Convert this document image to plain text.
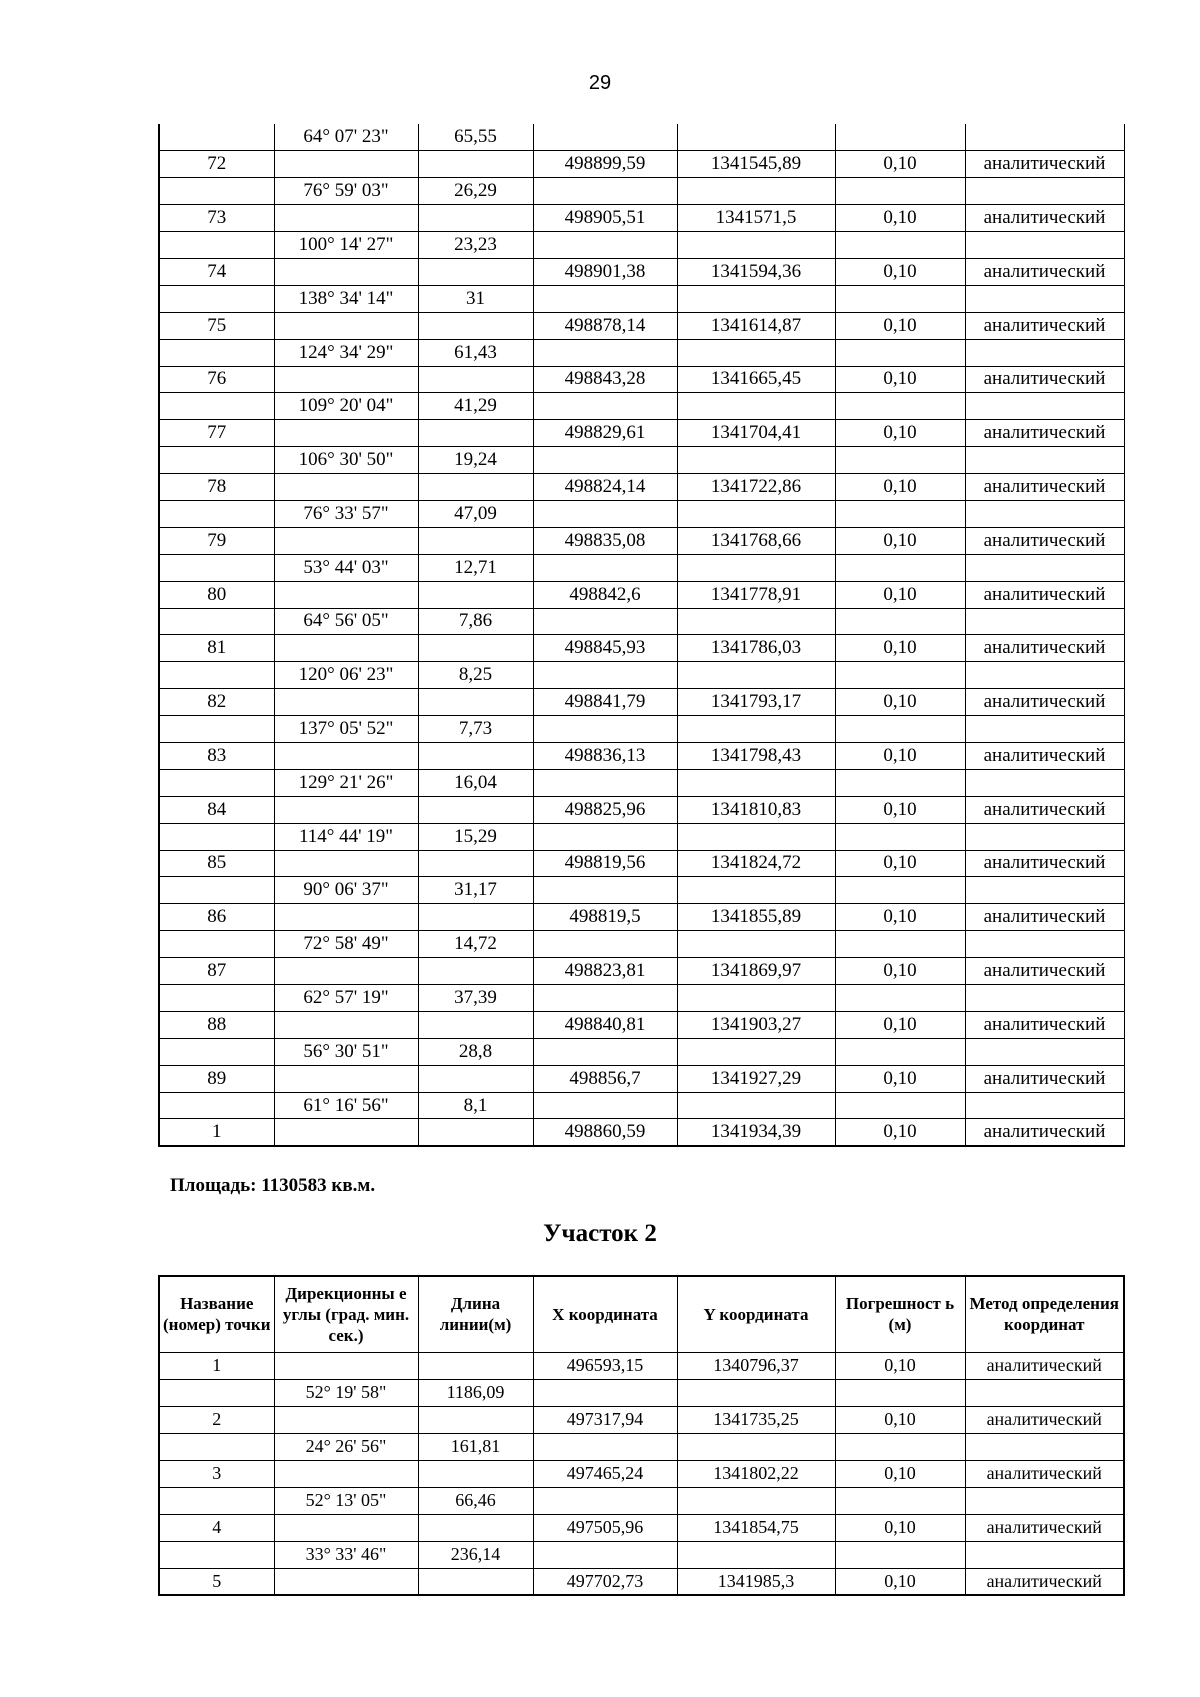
29
	64° 07' 23"	65,55				
72			498899,59	1341545,89	0,10	аналитический
	76° 59' 03"	26,29				
73			498905,51	1341571,5	0,10	аналитический
	100° 14' 27"	23,23				
74			498901,38	1341594,36	0,10	аналитический
	138° 34' 14"	31				
75			498878,14	1341614,87	0,10	аналитический
	124° 34' 29"	61,43				
76			498843,28	1341665,45	0,10	аналитический
	109° 20' 04"	41,29				
77			498829,61	1341704,41	0,10	аналитический
	106° 30' 50"	19,24				
78			498824,14	1341722,86	0,10	аналитический
	76° 33' 57"	47,09				
79			498835,08	1341768,66	0,10	аналитический
	53° 44' 03"	12,71				
80			498842,6	1341778,91	0,10	аналитический
	64° 56' 05"	7,86				
81			498845,93	1341786,03	0,10	аналитический
	120° 06' 23"	8,25				
82			498841,79	1341793,17	0,10	аналитический
	137° 05' 52"	7,73				
83			498836,13	1341798,43	0,10	аналитический
	129° 21' 26"	16,04				
84			498825,96	1341810,83	0,10	аналитический
	114° 44' 19"	15,29				
85			498819,56	1341824,72	0,10	аналитический
	90° 06' 37"	31,17				
86			498819,5	1341855,89	0,10	аналитический
	72° 58' 49"	14,72				
87			498823,81	1341869,97	0,10	аналитический
	62° 57' 19"	37,39				
88			498840,81	1341903,27	0,10	аналитический
	56° 30' 51"	28,8				
89			498856,7	1341927,29	0,10	аналитический
	61° 16' 56"	8,1				
1			498860,59	1341934,39	0,10	аналитический
Площадь: 1130583 кв.м.
Участок 2
Название (номер) точки	Дирекционны е углы (град. мин. сек.)	Длина линии(м)	X координата	Y координата	Погрешност ь (м)	Метод определения координат
1			496593,15	1340796,37	0,10	аналитический
	52° 19' 58"	1186,09				
2			497317,94	1341735,25	0,10	аналитический
	24° 26' 56"	161,81				
3			497465,24	1341802,22	0,10	аналитический
	52° 13' 05"	66,46				
4			497505,96	1341854,75	0,10	аналитический
	33° 33' 46"	236,14				
5			497702,73	1341985,3	0,10	аналитический
